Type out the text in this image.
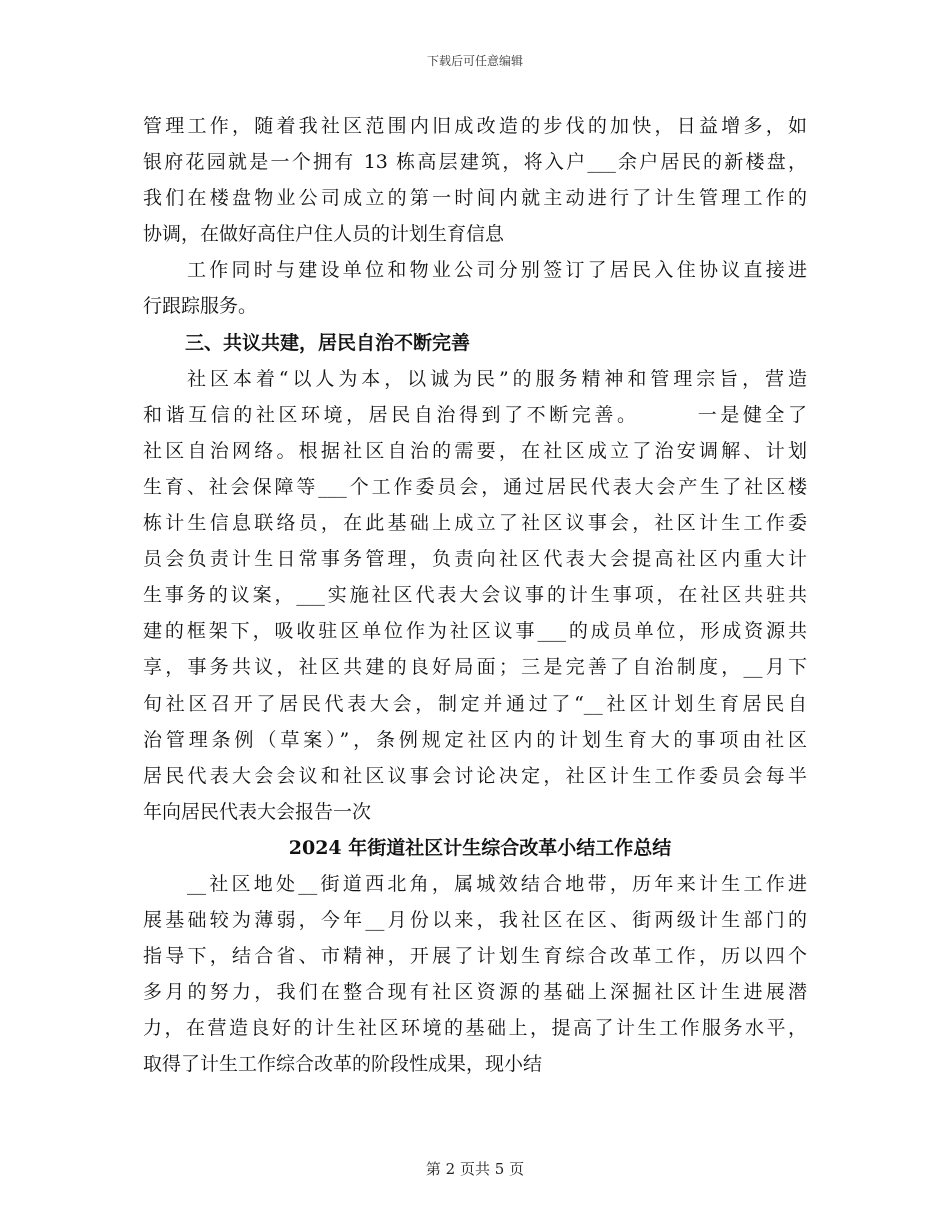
下载后可任意编辑
管理工作，随着我社区范围内旧成改造的步伐的加快，日益增多，如
银府花园就是一个拥有 13 栋高层建筑，将入户___余户居民的新楼盘，
我们在楼盘物业公司成立的第一时间内就主动进行了计生管理工作的
协调，在做好高住户住人员的计划生育信息
工作同时与建设单位和物业公司分别签订了居民入住协议直接进
行跟踪服务。
三、共议共建，居民自治不断完善
社区本着“以人为本，以诚为民”的服务精神和管理宗旨，营造
和谐互信的社区环境，居民自治得到了不断完善。　　　一是健全了
社区自治网络。根据社区自治的需要，在社区成立了治安调解、计划
生育、社会保障等___个工作委员会，通过居民代表大会产生了社区楼
栋计生信息联络员，在此基础上成立了社区议事会，社区计生工作委
员会负责计生日常事务管理，负责向社区代表大会提高社区内重大计
生事务的议案，___实施社区代表大会议事的计生事项，在社区共驻共
建的框架下，吸收驻区单位作为社区议事___的成员单位，形成资源共
享，事务共议，社区共建的良好局面；三是完善了自治制度，__月下
旬社区召开了居民代表大会，制定并通过了“__社区计划生育居民自
治管理条例（草案）”，条例规定社区内的计划生育大的事项由社区
居民代表大会会议和社区议事会讨论决定，社区计生工作委员会每半
年向居民代表大会报告一次
2024 年街道社区计生综合改革小结工作总结
__社区地处__街道西北角，属城效结合地带，历年来计生工作进
展基础较为薄弱，今年__月份以来，我社区在区、街两级计生部门的
指导下，结合省、市精神，开展了计划生育综合改革工作，历以四个
多月的努力，我们在整合现有社区资源的基础上深掘社区计生进展潜
力，在营造良好的计生社区环境的基础上，提高了计生工作服务水平，
取得了计生工作综合改革的阶段性成果，现小结
第 2 页共 5 页
